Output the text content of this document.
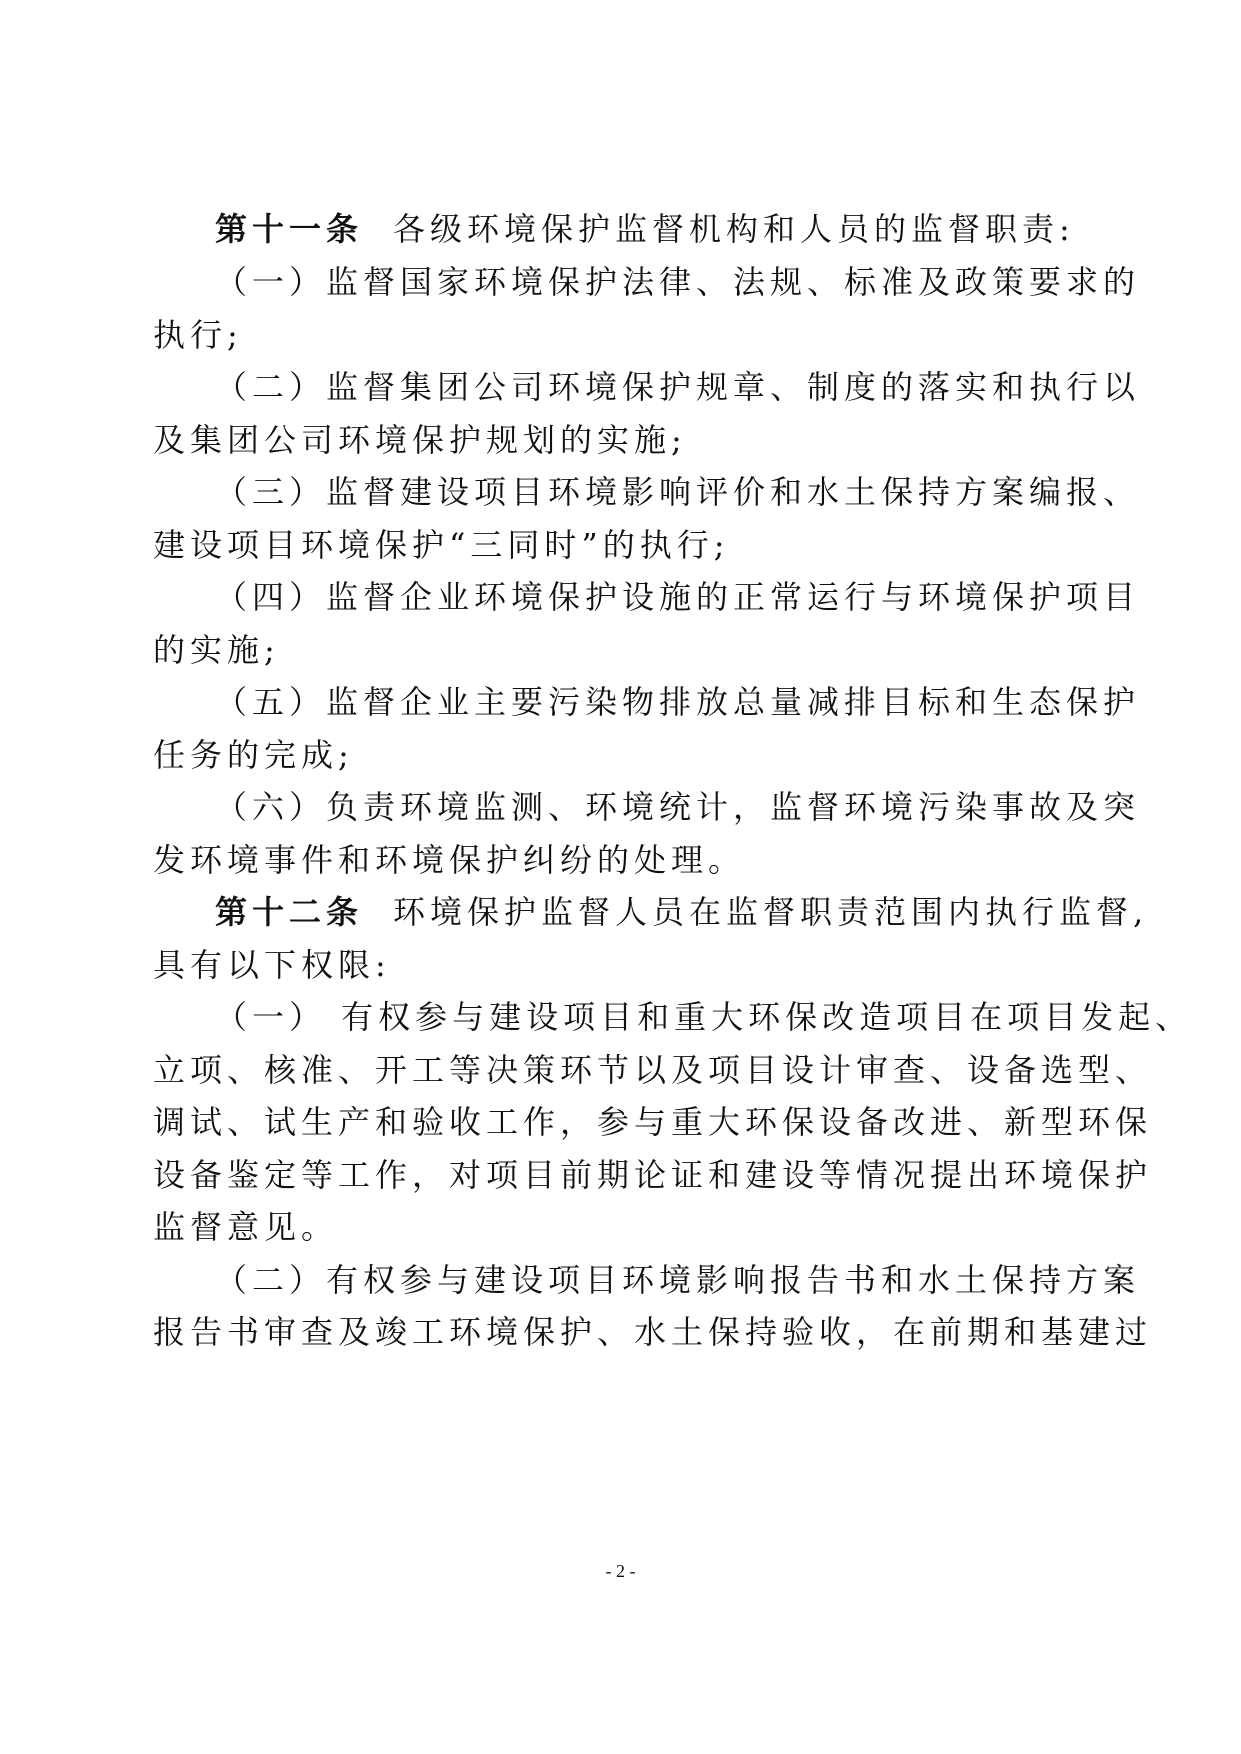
第十一条 各级环境保护监督机构和人员的监督职责:
（一）监督国家环境保护法律、法规、标准及政策要求的
执行;
（二）监督集团公司环境保护规章、制度的落实和执行以
及集团公司环境保护规划的实施;
（三）监督建设项目环境影响评价和水土保持方案编报、
建设项目环境保护“三同时”的执行;
（四）监督企业环境保护设施的正常运行与环境保护项目
的实施;
（五）监督企业主要污染物排放总量减排目标和生态保护
任务的完成;
（六）负责环境监测、环境统计，监督环境污染事故及突
发环境事件和环境保护纠纷的处理。
第十二条 环境保护监督人员在监督职责范围内执行监督,
具有以下权限:
（一） 有权参与建设项目和重大环保改造项目在项目发起、
立项、核准、开工等决策环节以及项目设计审查、设备选型、
调试、试生产和验收工作，参与重大环保设备改进、新型环保
设备鉴定等工作，对项目前期论证和建设等情况提出环境保护
监督意见。
（二）有权参与建设项目环境影响报告书和水土保持方案
报告书审查及竣工环境保护、水土保持验收，在前期和基建过
- 2 -
